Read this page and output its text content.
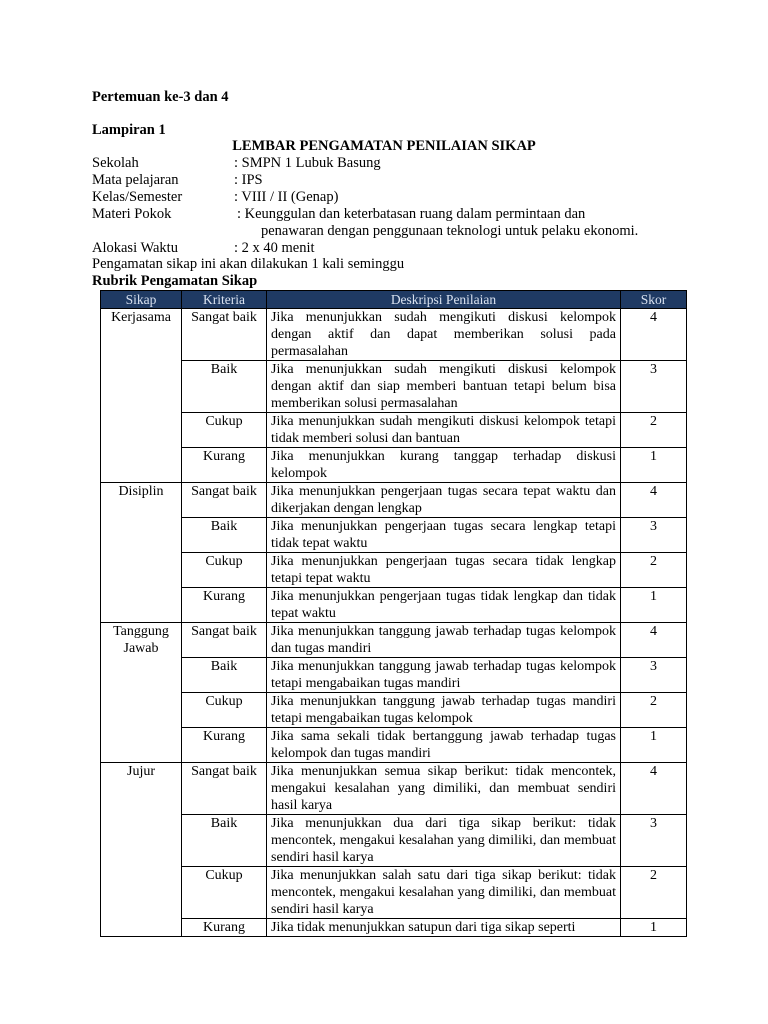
Pertemuan ke-3 dan 4
Lampiran 1
LEMBAR PENGAMATAN PENILAIAN SIKAP
Sekolah	: SMPN 1 Lubuk Basung
Mata pelajaran	: IPS
Kelas/Semester	: VIII / II (Genap)
Materi Pokok	: Keunggulan dan keterbatasan ruang dalam permintaan dan
penawaran dengan penggunaan teknologi untuk pelaku ekonomi.
Alokasi Waktu	: 2 x 40 menit
Pengamatan sikap ini akan dilakukan 1 kali seminggu
Rubrik Pengamatan Sikap
Sikap	Kriteria	Deskripsi Penilaian	Skor
Kerjasama	Sangat baik	Jika menunjukkan sudah mengikuti diskusi kelompok dengan aktif dan dapat memberikan solusi pada permasalahan	4
	Baik	Jika menunjukkan sudah mengikuti diskusi kelompok dengan aktif dan siap memberi bantuan tetapi belum bisa memberikan solusi permasalahan	3
	Cukup	Jika menunjukkan sudah mengikuti diskusi kelompok tetapi tidak memberi solusi dan bantuan	2
	Kurang	Jika menunjukkan kurang tanggap terhadap diskusi kelompok	1
Disiplin	Sangat baik	Jika menunjukkan pengerjaan tugas secara tepat waktu dan dikerjakan dengan lengkap	4
	Baik	Jika menunjukkan pengerjaan tugas secara lengkap tetapi tidak tepat waktu	3
	Cukup	Jika menunjukkan pengerjaan tugas secara tidak lengkap tetapi tepat waktu	2
	Kurang	Jika menunjukkan pengerjaan tugas tidak lengkap dan tidak tepat waktu	1
Tanggung Jawab	Sangat baik	Jika menunjukkan tanggung jawab terhadap tugas kelompok dan tugas mandiri	4
	Baik	Jika menunjukkan tanggung jawab terhadap tugas kelompok tetapi mengabaikan tugas mandiri	3
	Cukup	Jika menunjukkan tanggung jawab terhadap tugas mandiri tetapi mengabaikan tugas kelompok	2
	Kurang	Jika sama sekali tidak bertanggung jawab terhadap tugas kelompok dan tugas mandiri	1
Jujur	Sangat baik	Jika menunjukkan semua sikap berikut: tidak mencontek, mengakui kesalahan yang dimiliki, dan membuat sendiri hasil karya	4
	Baik	Jika menunjukkan dua dari tiga sikap berikut: tidak mencontek, mengakui kesalahan yang dimiliki, dan membuat sendiri hasil karya	3
	Cukup	Jika menunjukkan salah satu dari tiga sikap berikut: tidak mencontek, mengakui kesalahan yang dimiliki, dan membuat sendiri hasil karya	2
	Kurang	Jika tidak menunjukkan satupun dari tiga sikap seperti	1
